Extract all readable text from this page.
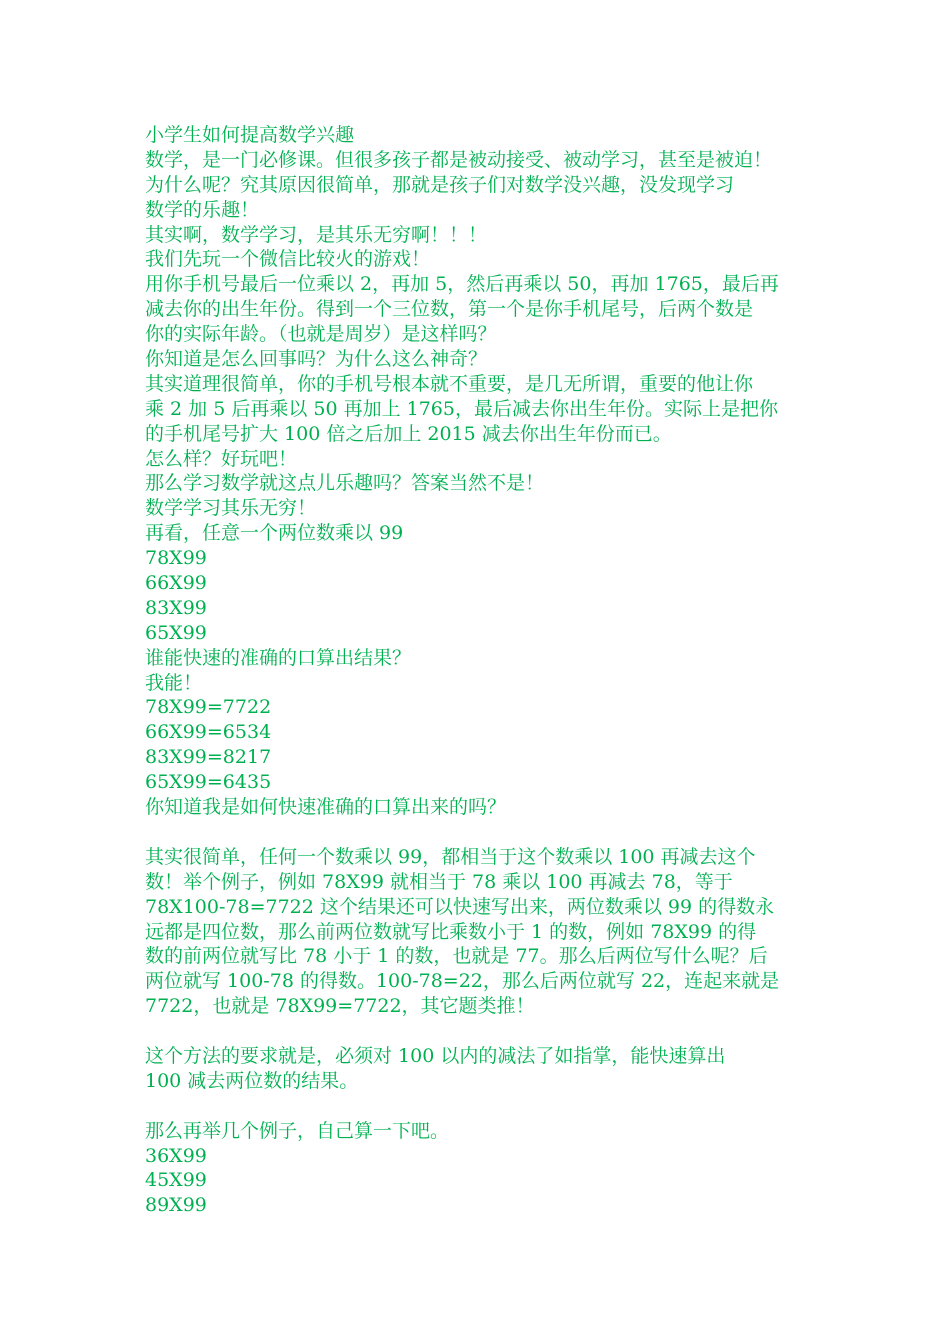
小学生如何提高数学兴趣
数学，是一门必修课。但很多孩子都是被动接受、被动学习，甚至是被迫！
为什么呢？究其原因很简单，那就是孩子们对数学没兴趣，没发现学习
数学的乐趣！
其实啊，数学学习，是其乐无穷啊！！！
我们先玩一个微信比较火的游戏！
用你手机号最后一位乘以 2，再加 5，然后再乘以 50，再加 1765，最后再
减去你的出生年份。得到一个三位数，第一个是你手机尾号，后两个数是
你的实际年龄。（也就是周岁）是这样吗？
你知道是怎么回事吗？为什么这么神奇？
其实道理很简单，你的手机号根本就不重要，是几无所谓，重要的他让你
乘 2 加 5 后再乘以 50 再加上 1765，最后减去你出生年份。实际上是把你
的手机尾号扩大 100 倍之后加上 2015 减去你出生年份而已。
怎么样？好玩吧！
那么学习数学就这点儿乐趣吗？答案当然不是！
数学学习其乐无穷！
再看，任意一个两位数乘以 99
78X99
66X99
83X99
65X99
谁能快速的准确的口算出结果？
我能！
78X99=7722
66X99=6534
83X99=8217
65X99=6435
你知道我是如何快速准确的口算出来的吗？
其实很简单，任何一个数乘以 99，都相当于这个数乘以 100 再减去这个
数！举个例子，例如 78X99 就相当于 78 乘以 100 再减去 78，等于
78X100-78=7722 这个结果还可以快速写出来，两位数乘以 99 的得数永
远都是四位数，那么前两位数就写比乘数小于 1 的数，例如 78X99 的得
数的前两位就写比 78 小于 1 的数，也就是 77。那么后两位写什么呢？后
两位就写 100-78 的得数。100-78=22，那么后两位就写 22，连起来就是
7722，也就是 78X99=7722，其它题类推！
这个方法的要求就是，必须对 100 以内的减法了如指掌，能快速算出
100 减去两位数的结果。
那么再举几个例子，自己算一下吧。
36X99
45X99
89X99
